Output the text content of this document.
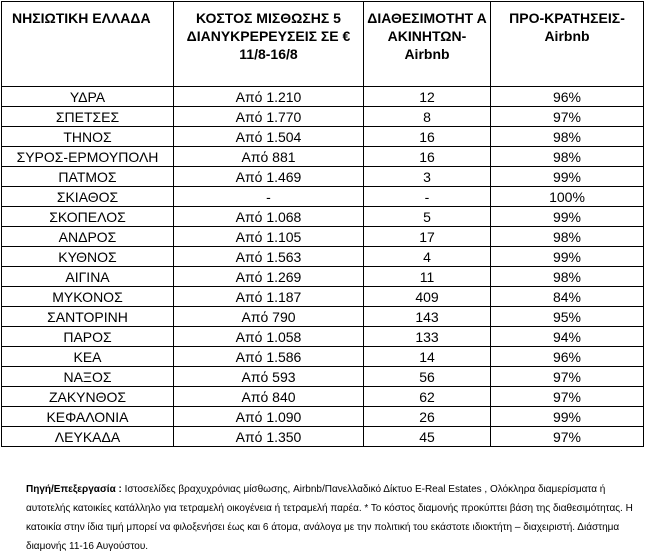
ΝΗΣΙΩΤΙΚΗ ΕΛΛΑΔΑ	ΚΟΣΤΟΣ ΜΙΣΘΩΣΗΣ 5 ΔΙΑΝΥΚΡΕΡΕΥΣΕΙΣ ΣΕ € 11/8-16/8	ΔΙΑΘΕΣΙΜΟΤΗΤ Α ΑΚΙΝΗΤΩΝ- Airbnb	ΠΡΟ-ΚΡΑΤΗΣΕΙΣ- Airbnb
ΥΔΡΑ	Από 1.210	12	96%
ΣΠΕΤΣΕΣ	Από 1.770	8	97%
ΤΗΝΟΣ	Από 1.504	16	98%
ΣΥΡΟΣ-ΕΡΜΟΥΠΟΛΗ	Από 881	16	98%
ΠΑΤΜΟΣ	Από 1.469	3	99%
ΣΚΙΑΘΟΣ	-	-	100%
ΣΚΟΠΕΛΟΣ	Από 1.068	5	99%
ΑΝΔΡΟΣ	Από 1.105	17	98%
ΚΥΘΝΟΣ	Από 1.563	4	99%
ΑΙΓΙΝΑ	Από 1.269	11	98%
ΜΥΚΟΝΟΣ	Από 1.187	409	84%
ΣΑΝΤΟΡΙΝΗ	Από 790	143	95%
ΠΑΡΟΣ	Από 1.058	133	94%
ΚΕΑ	Από 1.586	14	96%
ΝΑΞΟΣ	Από 593	56	97%
ΖΑΚΥΝΘΟΣ	Από 840	62	97%
ΚΕΦΑΛΟΝΙΑ	Από 1.090	26	99%
ΛΕΥΚΑΔΑ	Από 1.350	45	97%
Πηγή/Επεξεργασία : Ιστοσελίδες βραχυχρόνιας μίσθωσης, Airbnb/Πανελλαδικό Δίκτυο E-Real Estates , Ολόκληρα διαμερίσματα ή αυτοτελής κατοικίες κατάλληλο για τετραμελή οικογένεια ή τετραμελή παρέα. * Το κόστος διαμονής προκύπτει βάση της διαθεσιμότητας. Η κατοικία στην ίδια τιμή μπορεί να φιλοξενήσει έως και 6 άτομα, ανάλογα με την πολιτική του εκάστοτε ιδιοκτήτη – διαχειριστή. Διάστημα διαμονής 11-16 Αυγούστου.
